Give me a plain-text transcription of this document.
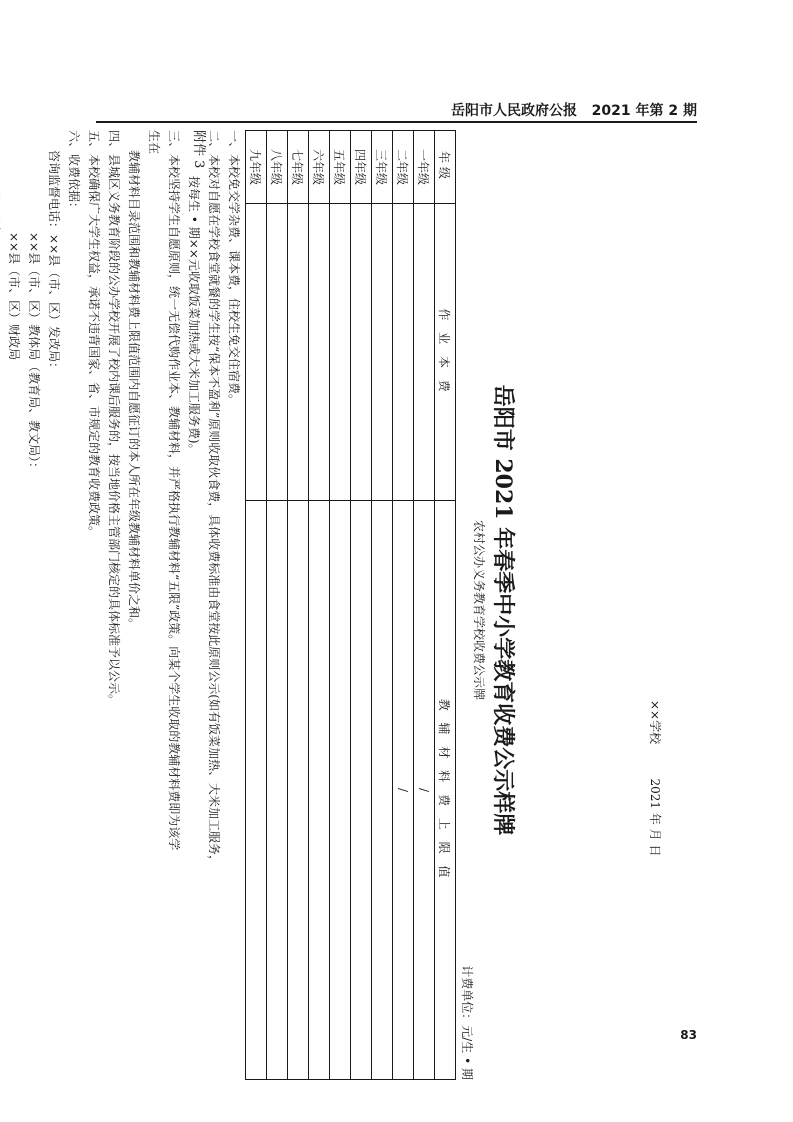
岳阳市人民政府公报 2021 年第 2 期
附件 3
岳阳市 2021 年春季中小学教育收费公示样牌
农村公办义务教育学校收费公示牌
计费单位：元/生 • 期
年级	作 业 本 费	教 辅 材 料 费 上 限 值
一年级		/
二年级		/
三年级		
四年级		
五年级		
六年级		
七年级		
八年级		
九年级		

一、本校免交学杂费、课本费，住校生免交住宿费。

二、本校对自愿在学校食堂就餐的学生按“保本不盈利”原则收取伙食费，具体收费标准由食堂按此原则公示(如有饭菜加热、大米加工服务，

按每生 • 期××元收取饭菜加热或大米加工服务费)。

三、本校坚持学生自愿原则，统一无偿代购作业本、教辅材料，并严格执行教辅材料“五限”政策。向某个学生收取的教辅材料费即为该学

生在

教辅材料目录范围和教辅材料费上限值范围内自愿征订的本人所在年级教辅材料单价之和。

四、县城区义务教育阶段的公办学校开展了校内课后服务的，按当地价格主管部门核定的具体标准予以公示。

五、本校确保广大学生权益，承诺不违背国家、省、市规定的教育收费政策。

六、收费依据：

咨询监督电话：××县（市、区）发改局：

××县（市、区）教体局（教育局、教文局）：

××县（市、区）财政局

××学校         2021 年 月 日
83
